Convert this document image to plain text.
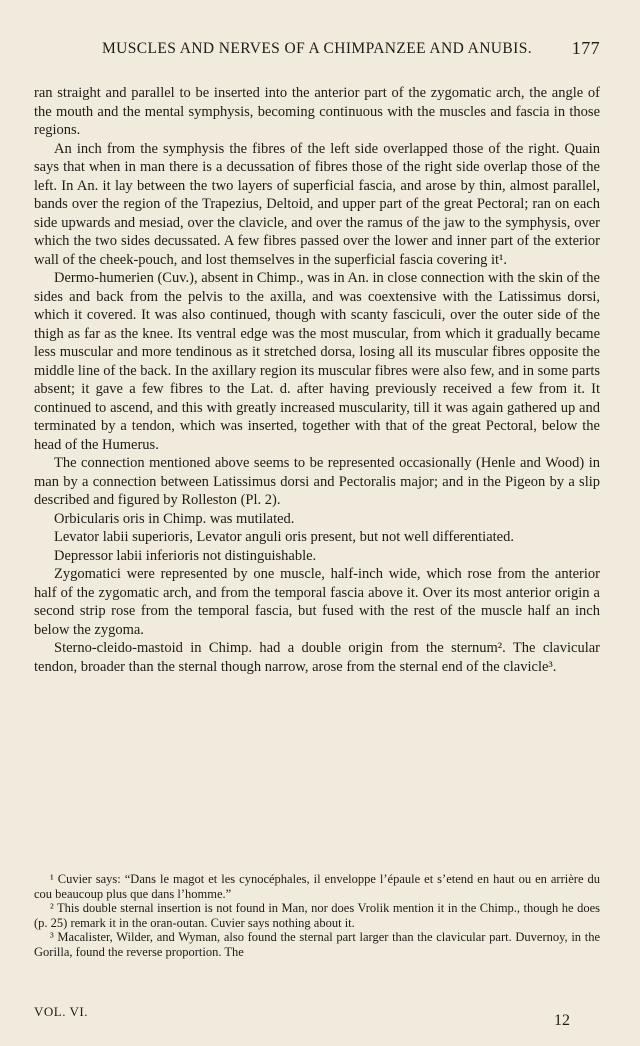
MUSCLES AND NERVES OF A CHIMPANZEE AND ANUBIS.	177

ran straight and parallel to be inserted into the anterior part of the zygomatic arch, the angle of the mouth and the mental symphysis, becoming continuous with the muscles and fascia in those regions.

An inch from the symphysis the fibres of the left side overlapped those of the right. Quain says that when in man there is a decussation of fibres those of the right side overlap those of the left. In An. it lay between the two layers of superficial fascia, and arose by thin, almost parallel, bands over the region of the Trapezius, Deltoid, and upper part of the great Pectoral; ran on each side upwards and mesiad, over the clavicle, and over the ramus of the jaw to the symphysis, over which the two sides decussated. A few fibres passed over the lower and inner part of the exterior wall of the cheek-pouch, and lost themselves in the superficial fascia covering it¹.

Dermo-humerien (Cuv.), absent in Chimp., was in An. in close connection with the skin of the sides and back from the pelvis to the axilla, and was coextensive with the Latissimus dorsi, which it covered. It was also continued, though with scanty fasciculi, over the outer side of the thigh as far as the knee. Its ventral edge was the most muscular, from which it gradually became less muscular and more tendinous as it stretched dorsa, losing all its muscular fibres opposite the middle line of the back. In the axillary region its muscular fibres were also few, and in some parts absent; it gave a few fibres to the Lat. d. after having previously received a few from it. It continued to ascend, and this with greatly increased muscularity, till it was again gathered up and terminated by a tendon, which was inserted, together with that of the great Pectoral, below the head of the Humerus.

The connection mentioned above seems to be represented occasionally (Henle and Wood) in man by a connection between Latissimus dorsi and Pectoralis major; and in the Pigeon by a slip described and figured by Rolleston (Pl. 2).

Orbicularis oris in Chimp. was mutilated.

Levator labii superioris, Levator anguli oris present, but not well differentiated.

Depressor labii inferioris not distinguishable.

Zygomatici were represented by one muscle, half-inch wide, which rose from the anterior half of the zygomatic arch, and from the temporal fascia above it. Over its most anterior origin a second strip rose from the temporal fascia, but fused with the rest of the muscle half an inch below the zygoma.

Sterno-cleido-mastoid in Chimp. had a double origin from the sternum². The clavicular tendon, broader than the sternal though narrow, arose from the sternal end of the clavicle³.

¹ Cuvier says: “Dans le magot et les cynocéphales, il enveloppe l’épaule et s’etend en haut ou en arrière du cou beaucoup plus que dans l’homme.”

² This double sternal insertion is not found in Man, nor does Vrolik mention it in the Chimp., though he does (p. 25) remark it in the oran-outan. Cuvier says nothing about it.

³ Macalister, Wilder, and Wyman, also found the sternal part larger than the clavicular part. Duvernoy, in the Gorilla, found the reverse proportion. The

VOL. VI.
12
